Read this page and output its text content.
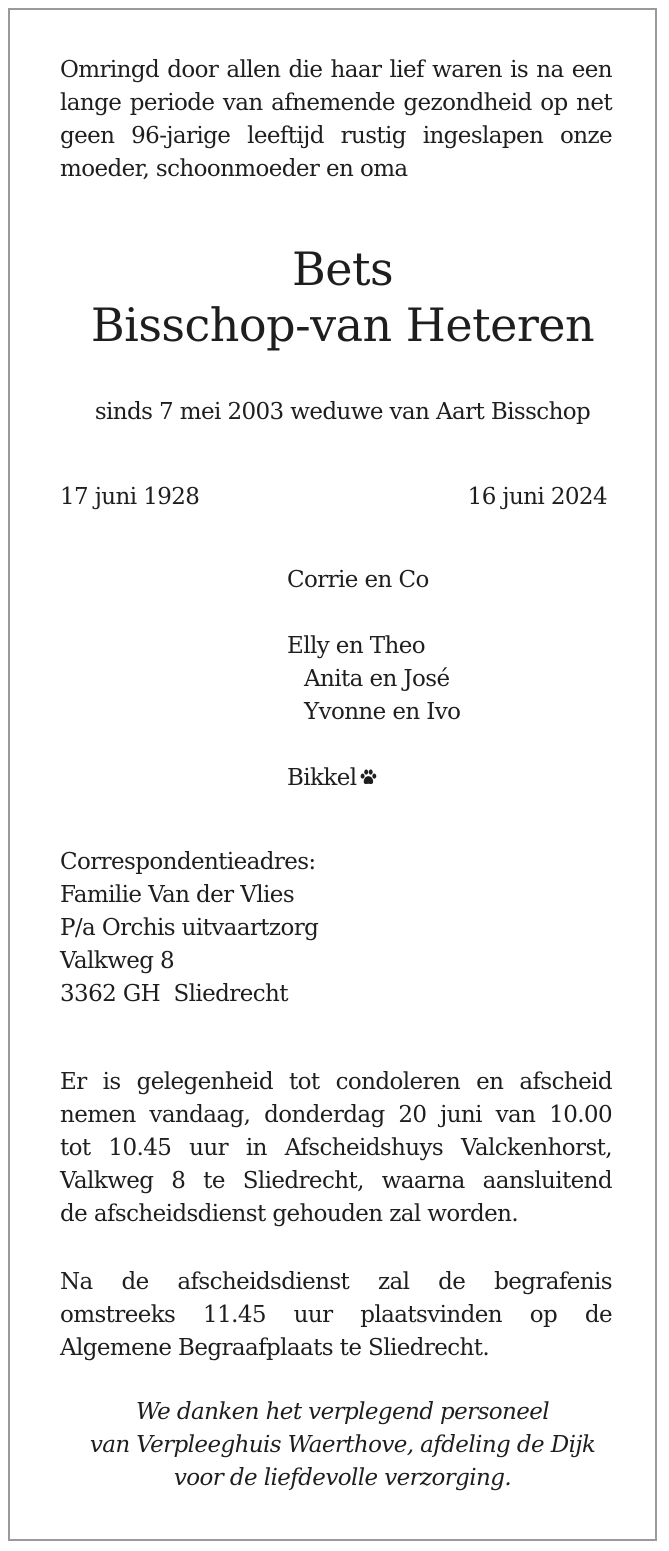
Omringd door allen die haar lief waren is na een

lange periode van afnemende gezondheid op net

geen 96-jarige leeftijd rustig ingeslapen onze

moeder, schoonmoeder en oma

Bets

Bisschop-van Heteren

sinds 7 mei 2003 weduwe van Aart Bisschop

17 juni 1928	16 juni 2024

Corrie en Co

Elly en Theo

Anita en José

Yvonne en Ivo

Bikkel

Correspondentieadres:

Familie Van der Vlies

P/a Orchis uitvaartzorg

Valkweg 8

3362 GH  Sliedrecht

Er is gelegenheid tot condoleren en afscheid

nemen vandaag, donderdag 20 juni van 10.00

tot 10.45 uur in Afscheidshuys Valckenhorst,

Valkweg 8 te Sliedrecht, waarna aansluitend

de afscheidsdienst gehouden zal worden.

Na de afscheidsdienst zal de begrafenis

omstreeks 11.45 uur plaatsvinden op de

Algemene Begraafplaats te Sliedrecht.

We danken het verplegend personeel

van Verpleeghuis Waerthove, afdeling de Dijk

voor de liefdevolle verzorging.
